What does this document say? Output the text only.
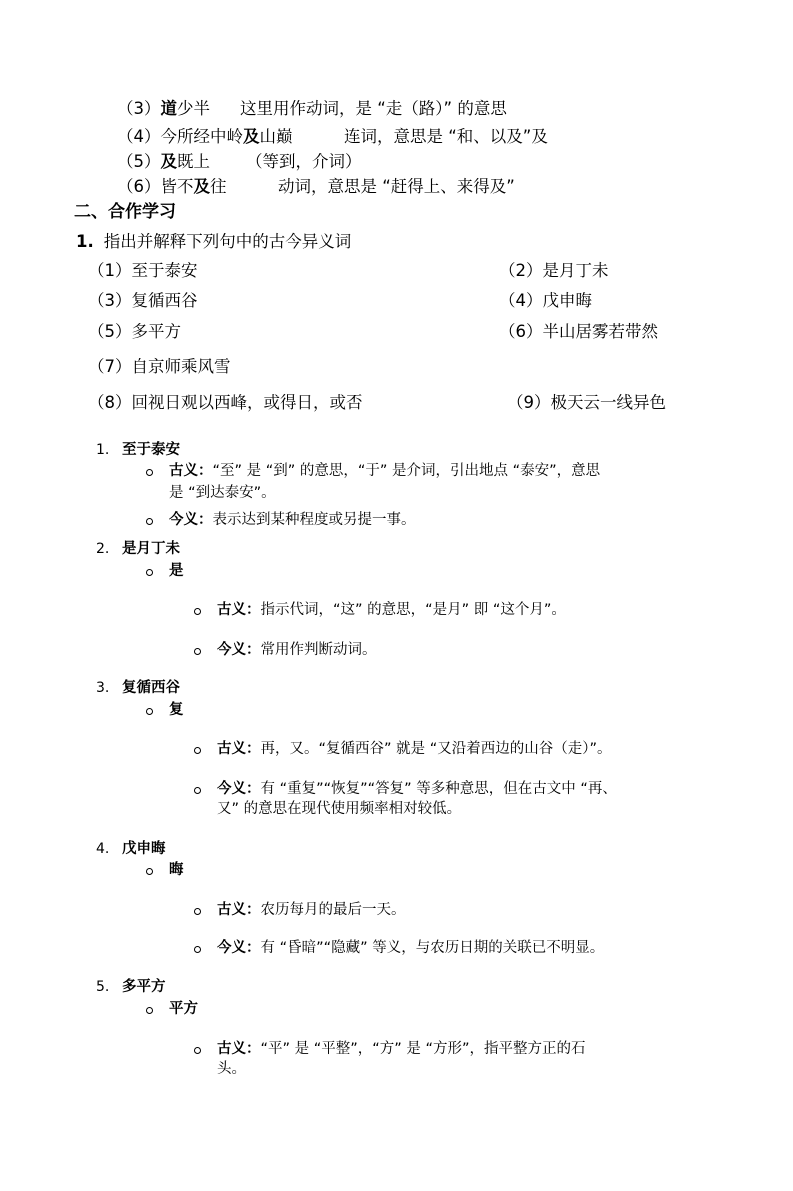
（3）道少半 这里用作动词，是 “走（路）” 的意思
（4）今所经中岭及山巅	连词，意思是 “和、以及”及
（5）及既上 （等到，介词）
（6）皆不及往	动词，意思是 “赶得上、来得及”
二、合作学习
1. 指出并解释下列句中的古今异义词
（1）至于泰安	（2）是月丁未
（3）复循西谷	（4）戊申晦
（5）多平方	（6）半山居雾若带然
（7）自京师乘风雪
（8）回视日观以西峰，或得日，或否	（9）极天云一线异色
1. 至于泰安
古义：“至” 是 “到” 的意思，“于” 是介词，引出地点 “泰安”，意思
是 “到达泰安”。
今义：表示达到某种程度或另提一事。
2. 是月丁未
是
古义：指示代词，“这” 的意思，“是月” 即 “这个月”。
今义：常用作判断动词。
3. 复循西谷
复
古义：再，又。“复循西谷” 就是 “又沿着西边的山谷（走）”。
今义：有 “重复”“恢复”“答复” 等多种意思，但在古文中 “再、
又” 的意思在现代使用频率相对较低。
4. 戊申晦
晦
古义：农历每月的最后一天。
今义：有 “昏暗”“隐藏” 等义，与农历日期的关联已不明显。
5. 多平方
平方
古义：“平” 是 “平整”，“方” 是 “方形”，指平整方正的石
头。
